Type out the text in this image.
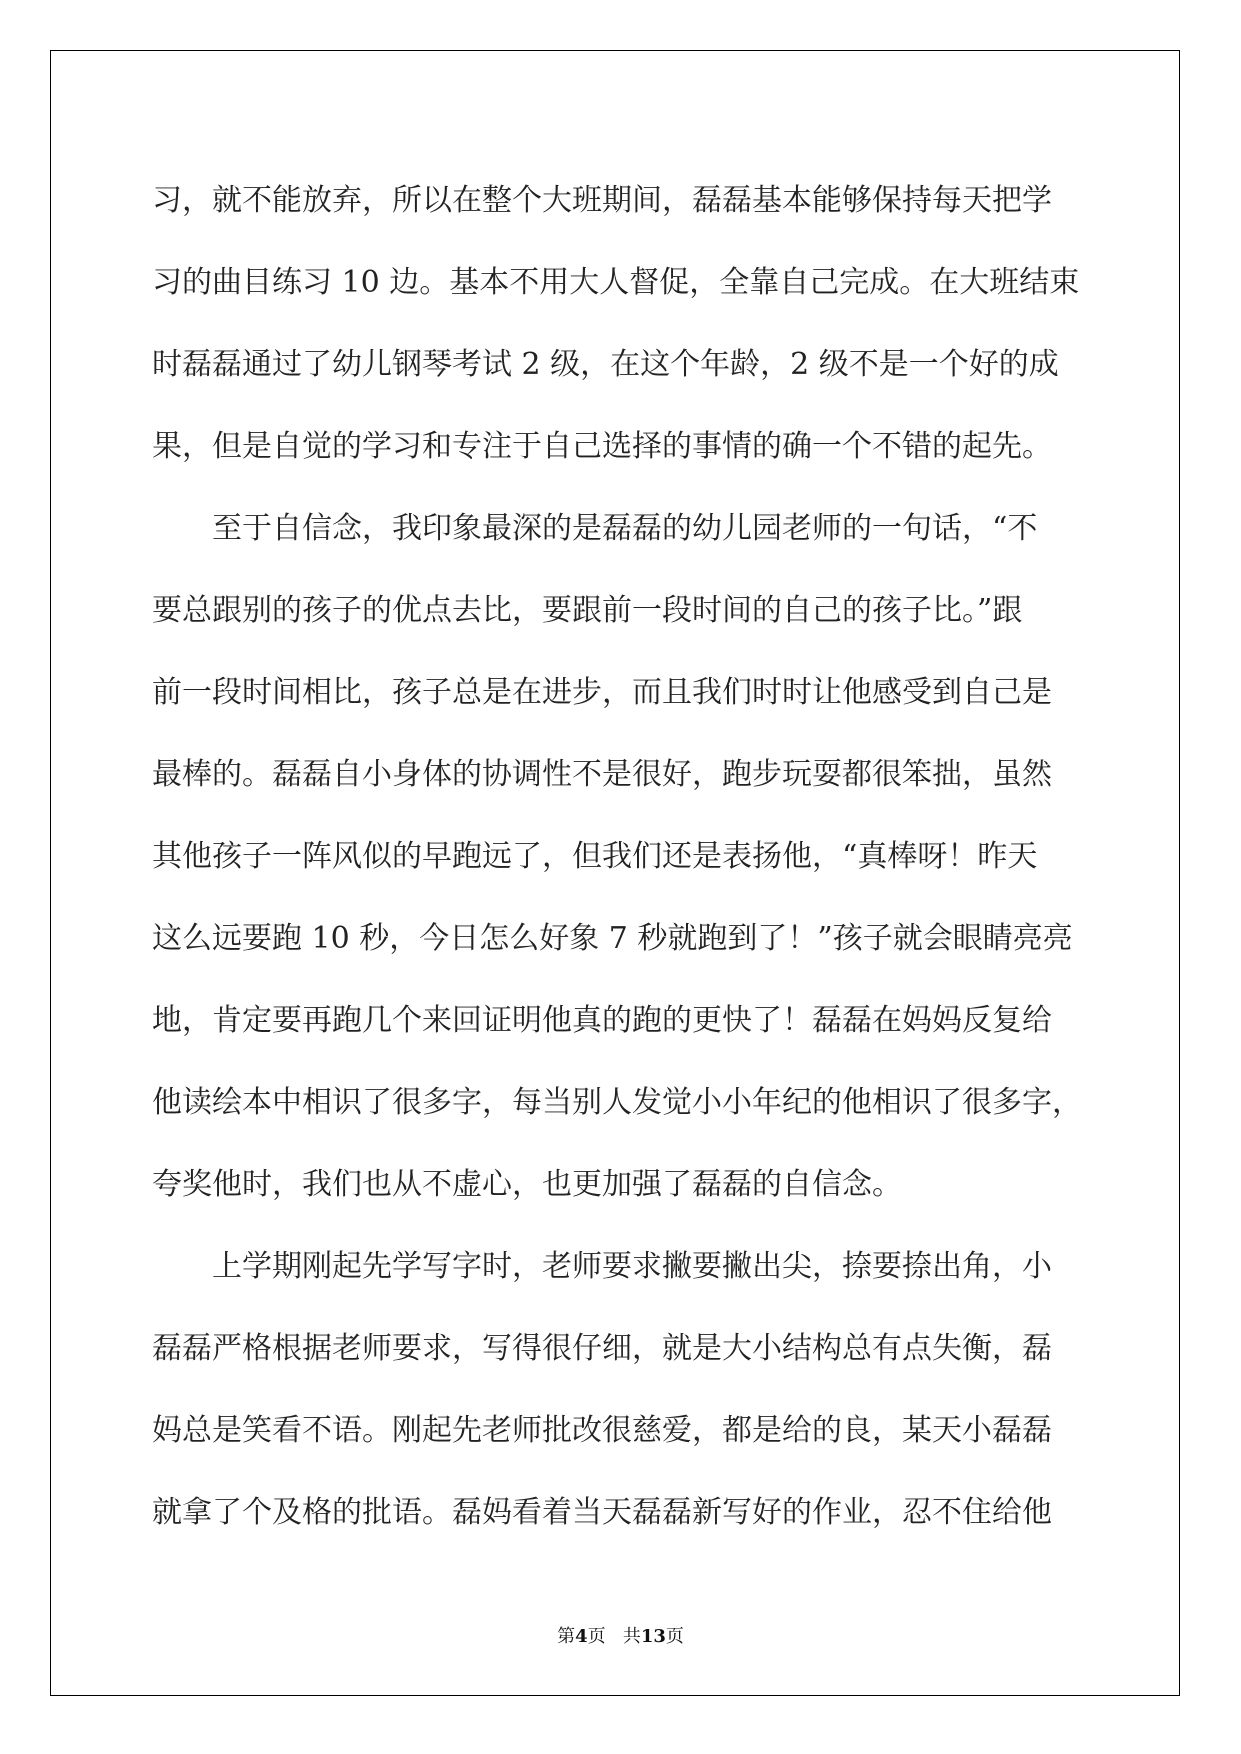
习，就不能放弃，所以在整个大班期间，磊磊基本能够保持每天把学
习的曲目练习 10 边。基本不用大人督促，全靠自己完成。在大班结束
时磊磊通过了幼儿钢琴考试 2 级，在这个年龄，2 级不是一个好的成
果，但是自觉的学习和专注于自己选择的事情的确一个不错的起先。
至于自信念，我印象最深的是磊磊的幼儿园老师的一句话，“不
要总跟别的孩子的优点去比，要跟前一段时间的自己的孩子比。”跟
前一段时间相比，孩子总是在进步，而且我们时时让他感受到自己是
最棒的。磊磊自小身体的协调性不是很好，跑步玩耍都很笨拙，虽然
其他孩子一阵风似的早跑远了，但我们还是表扬他，“真棒呀！昨天
这么远要跑 10 秒，今日怎么好象 7 秒就跑到了！”孩子就会眼睛亮亮
地，肯定要再跑几个来回证明他真的跑的更快了！磊磊在妈妈反复给
他读绘本中相识了很多字，每当别人发觉小小年纪的他相识了很多字，
夸奖他时，我们也从不虚心，也更加强了磊磊的自信念。
上学期刚起先学写字时，老师要求撇要撇出尖，捺要捺出角，小
磊磊严格根据老师要求，写得很仔细，就是大小结构总有点失衡，磊
妈总是笑看不语。刚起先老师批改很慈爱，都是给的良，某天小磊磊
就拿了个及格的批语。磊妈看着当天磊磊新写好的作业，忍不住给他
第4页 共13页
